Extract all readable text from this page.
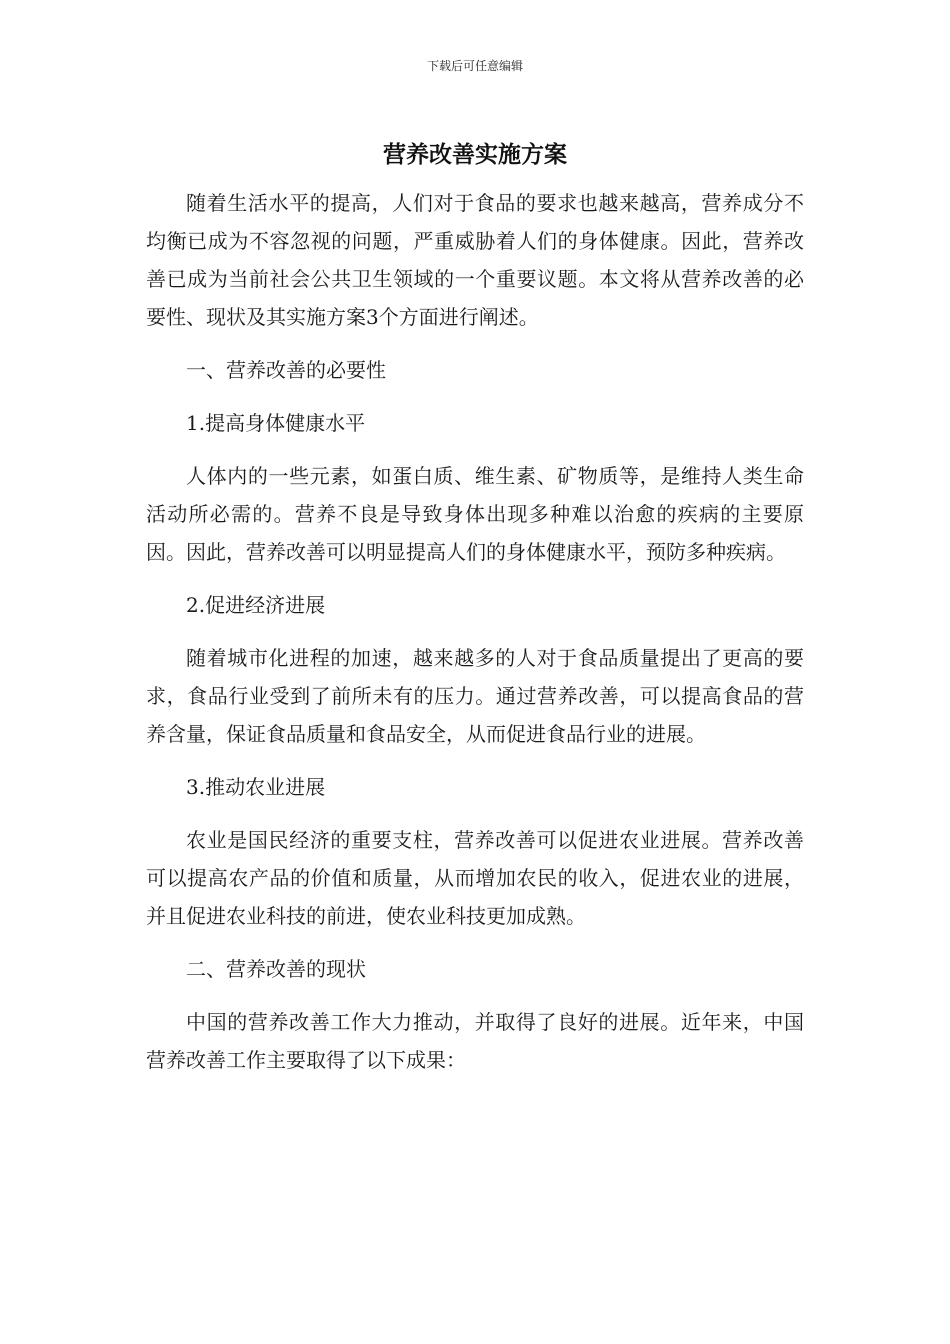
下载后可任意编辑
营养改善实施方案

随着生活水平的提高，人们对于食品的要求也越来越高，营养成分不均衡已成为不容忽视的问题，严重威胁着人们的身体健康。因此，营养改善已成为当前社会公共卫生领域的一个重要议题。本文将从营养改善的必要性、现状及其实施方案3个方面进行阐述。

一、营养改善的必要性

1.提高身体健康水平

人体内的一些元素，如蛋白质、维生素、矿物质等，是维持人类生命活动所必需的。营养不良是导致身体出现多种难以治愈的疾病的主要原因。因此，营养改善可以明显提高人们的身体健康水平，预防多种疾病。

2.促进经济进展

随着城市化进程的加速，越来越多的人对于食品质量提出了更高的要求，食品行业受到了前所未有的压力。通过营养改善，可以提高食品的营养含量，保证食品质量和食品安全，从而促进食品行业的进展。

3.推动农业进展

农业是国民经济的重要支柱，营养改善可以促进农业进展。营养改善可以提高农产品的价值和质量，从而增加农民的收入，促进农业的进展，并且促进农业科技的前进，使农业科技更加成熟。

二、营养改善的现状

中国的营养改善工作大力推动，并取得了良好的进展。近年来，中国营养改善工作主要取得了以下成果：
